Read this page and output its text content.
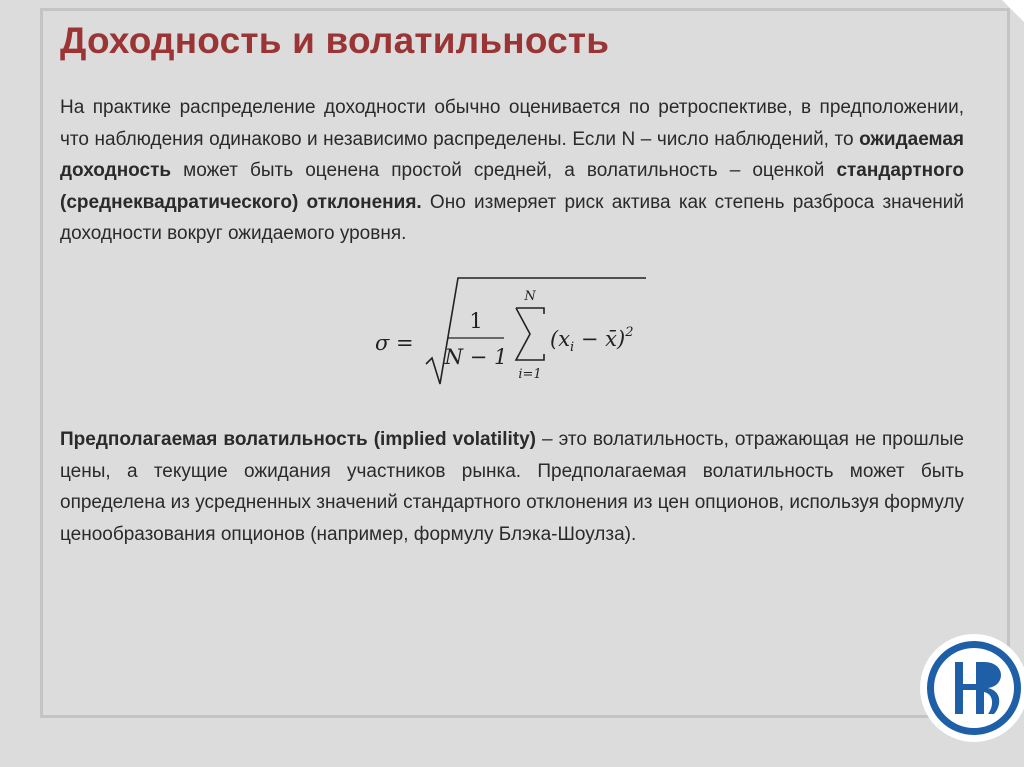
Доходность и волатильность

На практике распределение доходности обычно оценивается по ретроспективе, в предположении, что наблюдения одинаково и независимо распределены. Если N – число наблюдений, то ожидаемая доходность может быть оценена простой средней, а волатильность – оценкой стандартного (среднеквадратического) отклонения. Оно измеряет риск актива как степень разброса значений доходности вокруг ожидаемого уровня.

σ =
1
N − 1
N
i=1
($x_i$ − x̄)$^2$

Предполагаемая волатильность (implied volatility) – это волатильность, отражающая не прошлые цены, а текущие ожидания участников рынка. Предполагаемая волатильность может быть определена из усредненных значений стандартного отклонения из цен опционов, используя формулу ценообразования опционов (например, формулу Блэка-Шоулза).
